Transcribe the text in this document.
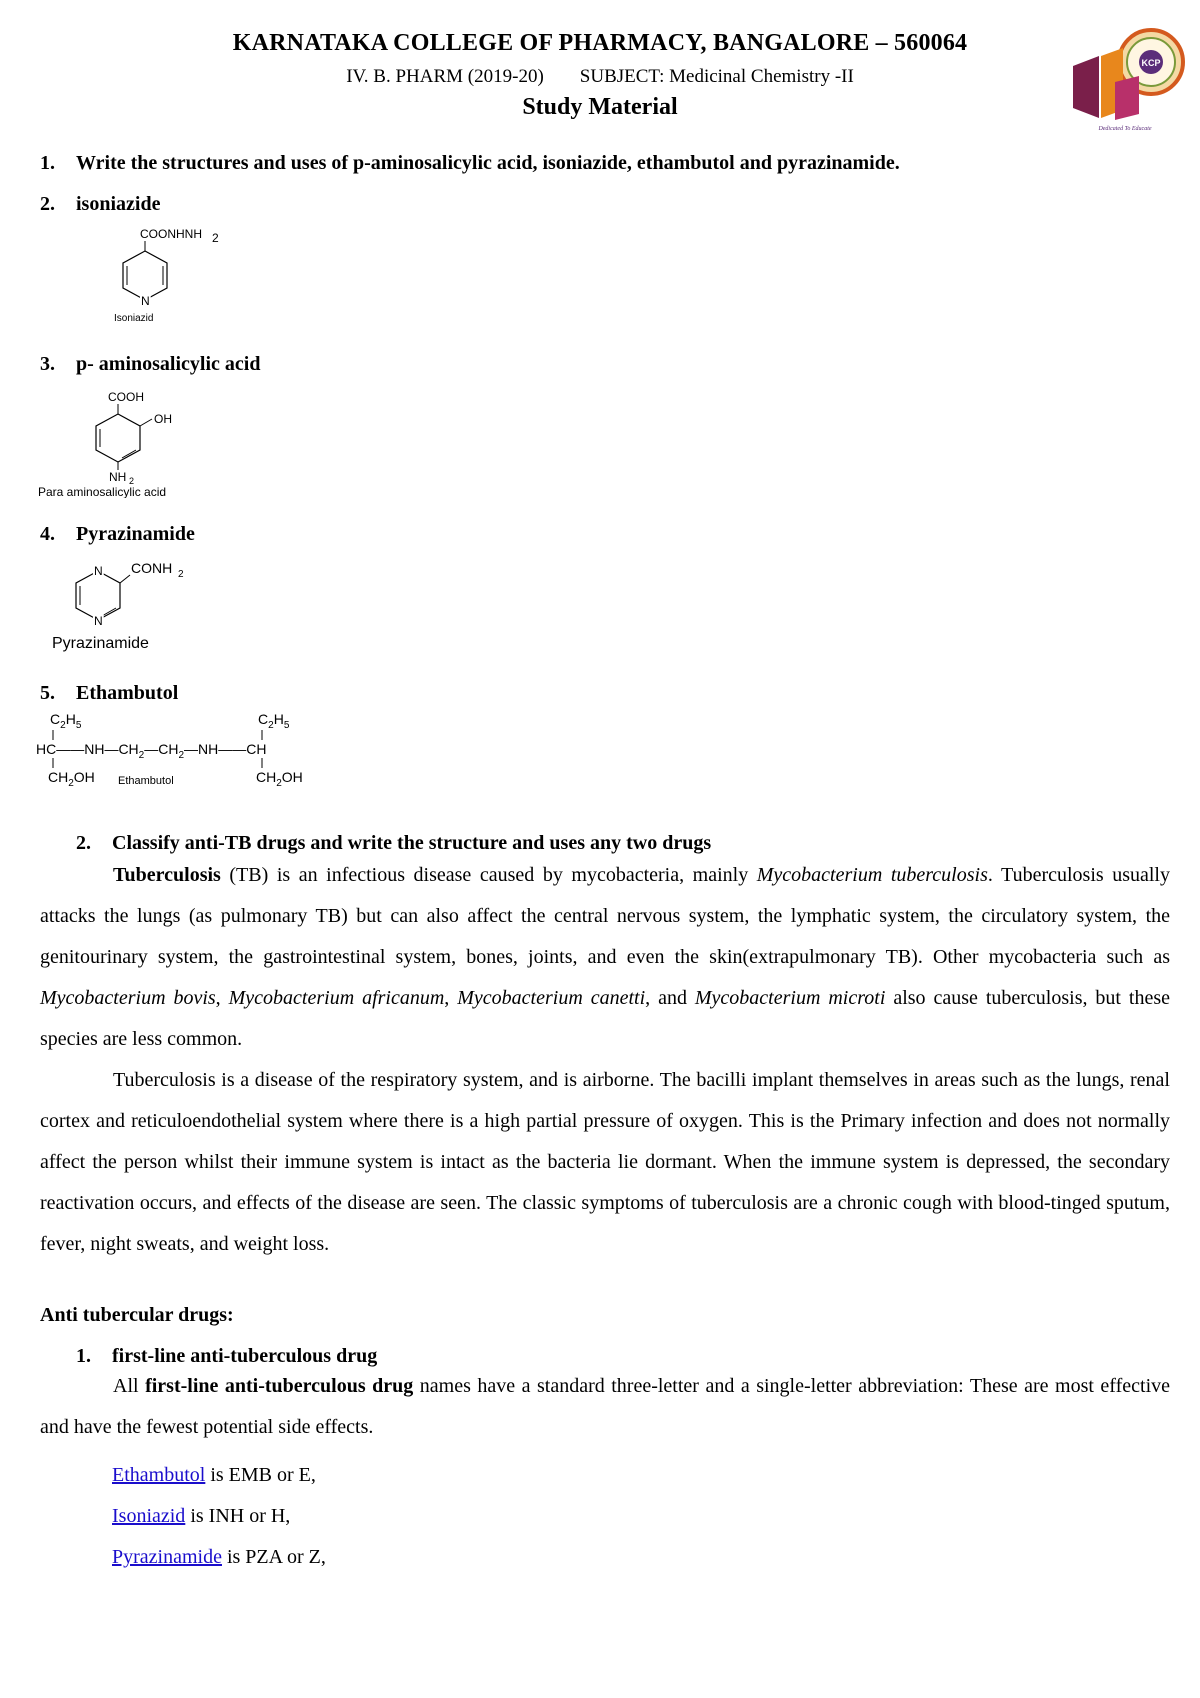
KARNATAKA COLLEGE OF PHARMACY, BANGALORE – 560064
IV. B. PHARM (2019-20) SUBJECT: Medicinal Chemistry -II
Study Material
KCP
Dedicated To Educate
1. Write the structures and uses of p-aminosalicylic acid, isoniazide, ethambutol and pyrazinamide.
2. isoniazide
COONHNH 2
N
Isoniazid
3. p- aminosalicylic acid
COOH
OH
NH 2
Para aminosalicylic acid
4. Pyrazinamide
N
N
CONH 2
Pyrazinamide
5. Ethambutol
$C_2H_5$
$HC——NH—CH_2—CH_2—NH——CH$
$CH_2OH$
$C_2H_5$
$CH_2OH$
Ethambutol
2. Classify anti-TB drugs and write the structure and uses any two drugs
Tuberculosis (TB) is an infectious disease caused by mycobacteria, mainly Mycobacterium tuberculosis. Tuberculosis usually attacks the lungs (as pulmonary TB) but can also affect the central nervous system, the lymphatic system, the circulatory system, the genitourinary system, the gastrointestinal system, bones, joints, and even the skin(extrapulmonary TB). Other mycobacteria such as Mycobacterium bovis, Mycobacterium africanum, Mycobacterium canetti, and Mycobacterium microti also cause tuberculosis, but these species are less common.
Tuberculosis is a disease of the respiratory system, and is airborne. The bacilli implant themselves in areas such as the lungs, renal cortex and reticuloendothelial system where there is a high partial pressure of oxygen. This is the Primary infection and does not normally affect the person whilst their immune system is intact as the bacteria lie dormant. When the immune system is depressed, the secondary reactivation occurs, and effects of the disease are seen. The classic symptoms of tuberculosis are a chronic cough with blood-tinged sputum, fever, night sweats, and weight loss.
Anti tubercular drugs:
1. first-line anti-tuberculous drug
All first-line anti-tuberculous drug names have a standard three-letter and a single-letter abbreviation: These are most effective and have the fewest potential side effects.
Ethambutol is EMB or E,
Isoniazid is INH or H,
Pyrazinamide is PZA or Z,
